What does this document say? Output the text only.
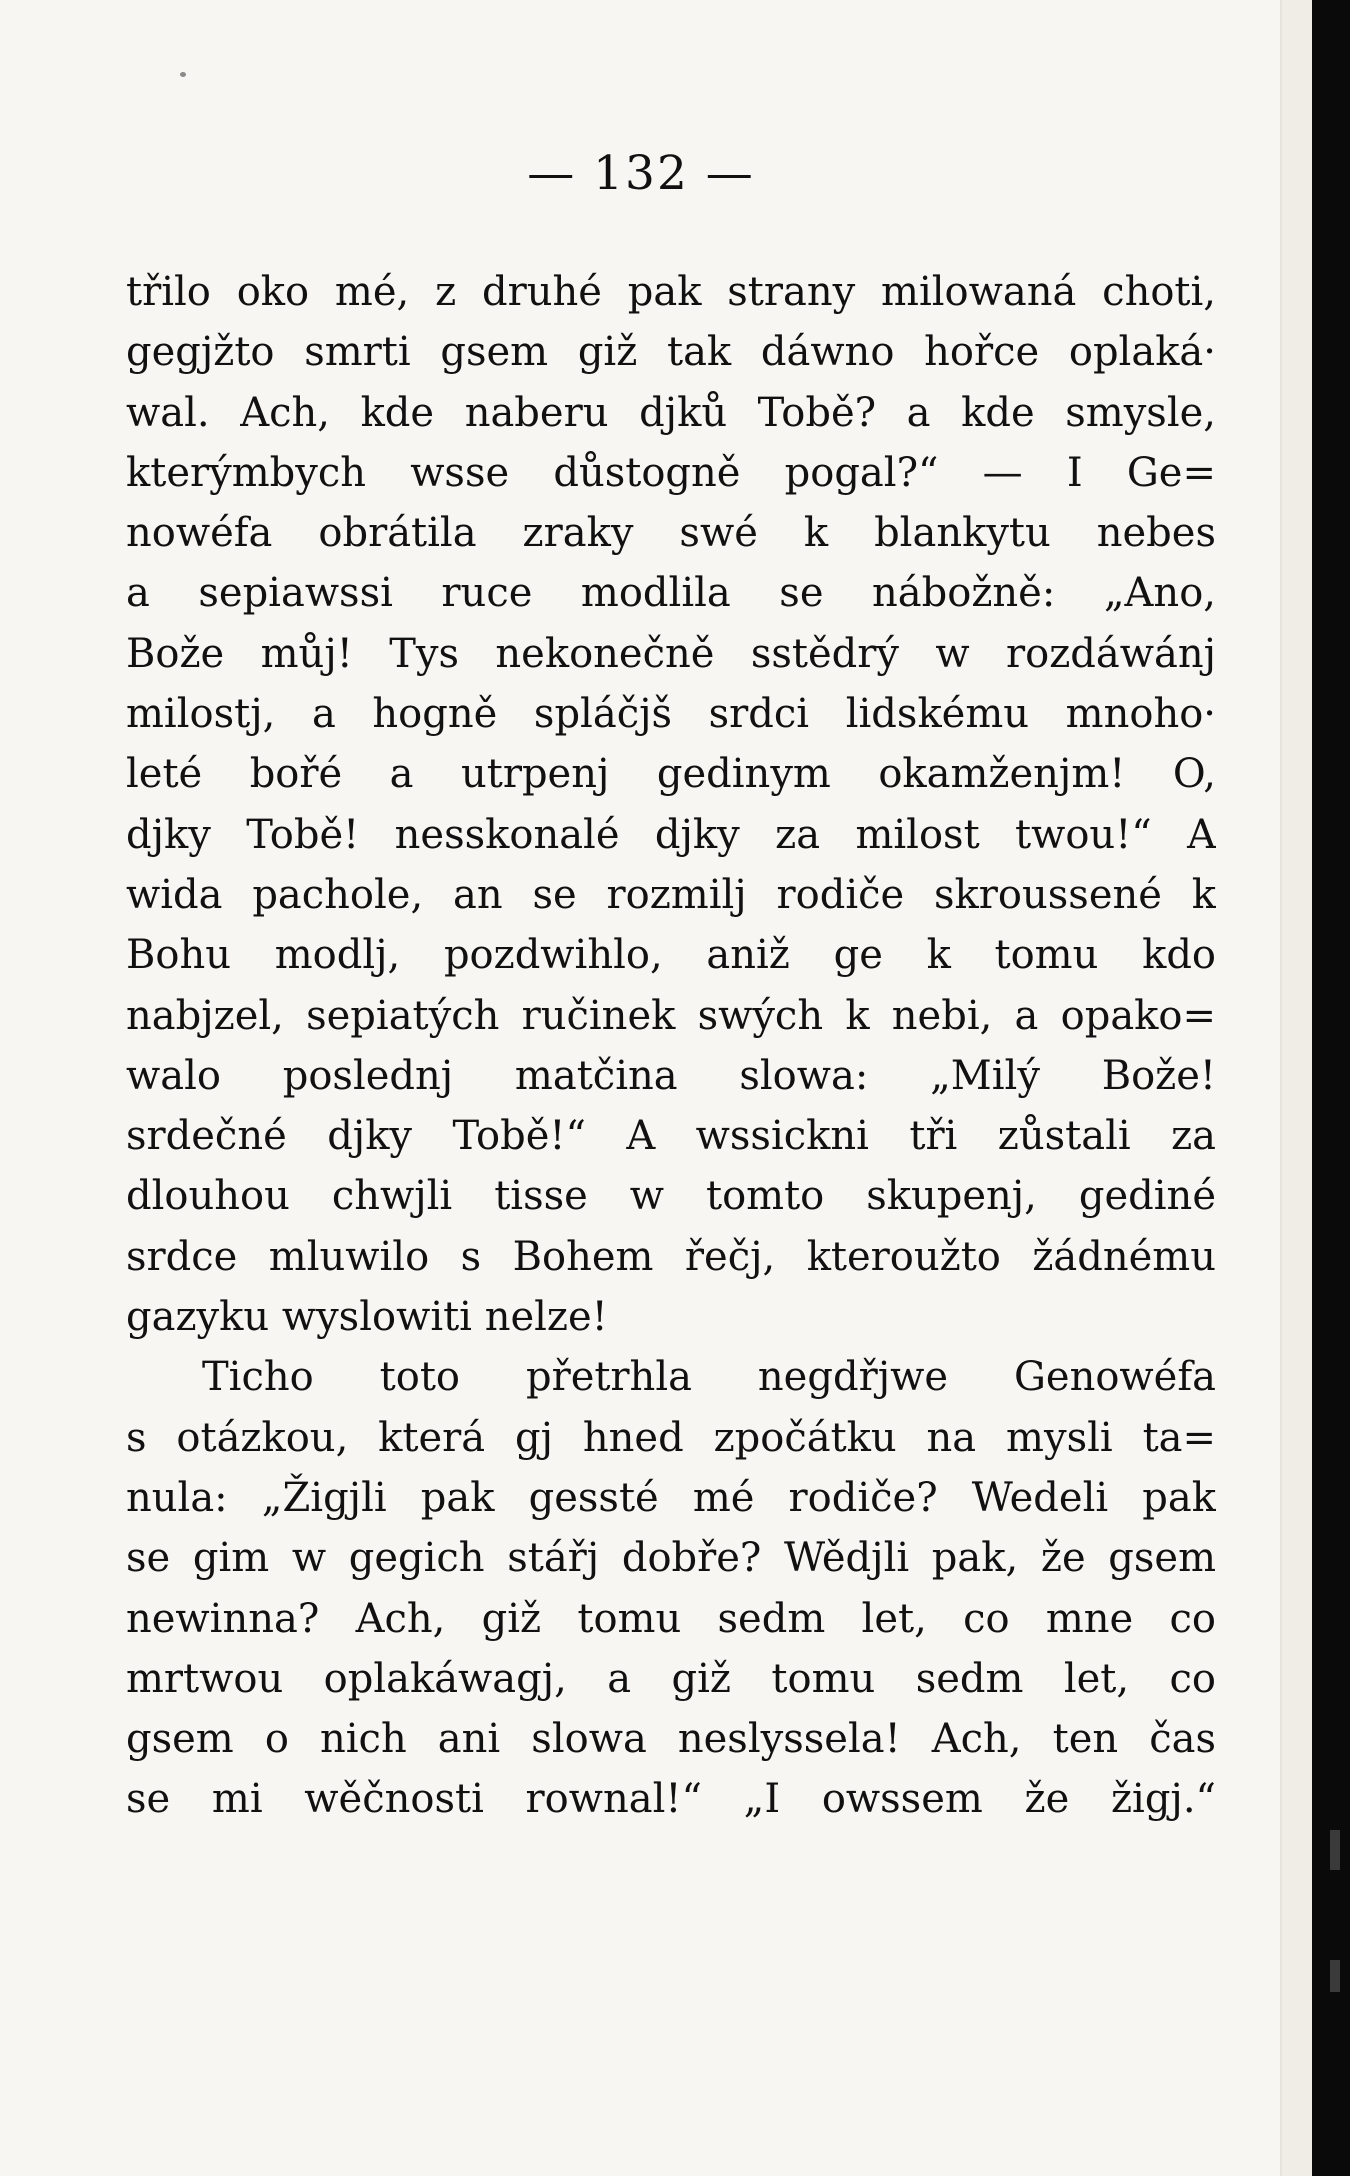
— 132 —
třilo oko mé, z druhé pak strany milowaná choti,
gegjžto smrti gsem giž tak dáwno hořce oplaká·
wal. Ach, kde naberu djků Tobě? a kde smysle,
kterýmbych wsse důstogně pogal?“ — I Ge=
nowéfa obrátila zraky swé k blankytu nebes
a sepiawssi ruce modlila se nábožně: „Ano,
Bože můj! Tys nekonečně sstědrý w rozdáwánj
milostj, a hogně spláčjš srdci lidskému mnoho·
leté bořé a utrpenj gedinym okamženjm! O,
djky Tobě! nesskonalé djky za milost twou!“ A
wida pachole, an se rozmilj rodiče skroussené k
Bohu modlj, pozdwihlo, aniž ge k tomu kdo
nabjzel, sepiatých ručinek swých k nebi, a opako=
walo poslednj matčina slowa: „Milý Bože!
srdečné djky Tobě!“ A wssickni tři zůstali za
dlouhou chwjli tisse w tomto skupenj, gediné
srdce mluwilo s Bohem řečj, kteroužto žádnému
gazyku wyslowiti nelze!
Ticho toto přetrhla negdřjwe Genowéfa
s otázkou, která gj hned zpočátku na mysli ta=
nula: „Žigjli pak gessté mé rodiče? Wedeli pak
se gim w gegich stářj dobře? Wědjli pak, že gsem
newinna? Ach, giž tomu sedm let, co mne co
mrtwou oplakáwagj, a giž tomu sedm let, co
gsem o nich ani slowa neslyssela! Ach, ten čas
se mi wěčnosti rownal!“ „I owssem že žigj.“
